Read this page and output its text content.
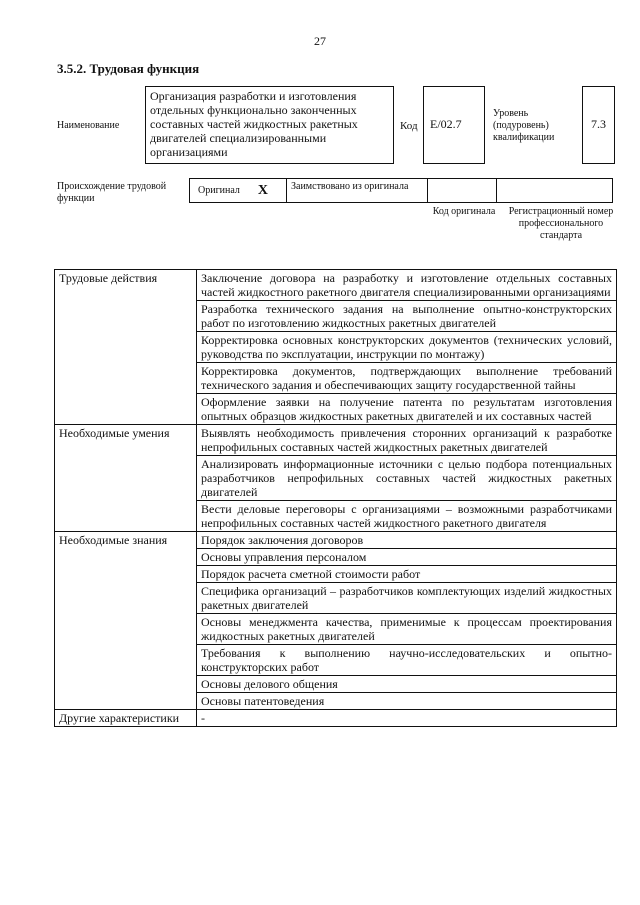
27
3.5.2. Трудовая функция
Наименование
Организация разработки и изготовления отдельных функционально законченных составных частей жидкостных ракетных двигателей специализированными организациями
Код	E/02.7
Уровень (подуровень) квалификации
7.3
Происхождение трудовой функции
Оригинал X	Заимствовано из оригинала
Код оригинала	Регистрационный номер профессионального стандарта
Трудовые действия	Заключение договора на разработку и изготовление отдельных составных частей жидкостного ракетного двигателя специализированными организациями
	Разработка технического задания на выполнение опытно-конструкторских работ по изготовлению жидкостных ракетных двигателей
	Корректировка основных конструкторских документов (технических условий, руководства по эксплуатации, инструкции по монтажу)
	Корректировка документов, подтверждающих выполнение требований технического задания и обеспечивающих защиту государственной тайны
	Оформление заявки на получение патента по результатам изготовления опытных образцов жидкостных ракетных двигателей и их составных частей
Необходимые умения	Выявлять необходимость привлечения сторонних организаций к разработке непрофильных составных частей жидкостных ракетных двигателей
	Анализировать информационные источники с целью подбора потенциальных разработчиков непрофильных составных частей жидкостных ракетных двигателей
	Вести деловые переговоры с организациями – возможными разработчиками непрофильных составных частей жидкостного ракетного двигателя
Необходимые знания	Порядок заключения договоров
	Основы управления персоналом
	Порядок расчета сметной стоимости работ
	Специфика организаций – разработчиков комплектующих изделий жидкостных ракетных двигателей
	Основы менеджмента качества, применимые к процессам проектирования жидкостных ракетных двигателей
	Требования к выполнению научно-исследовательских и опытно-конструкторских работ
	Основы делового общения
	Основы патентоведения
Другие характеристики	-
